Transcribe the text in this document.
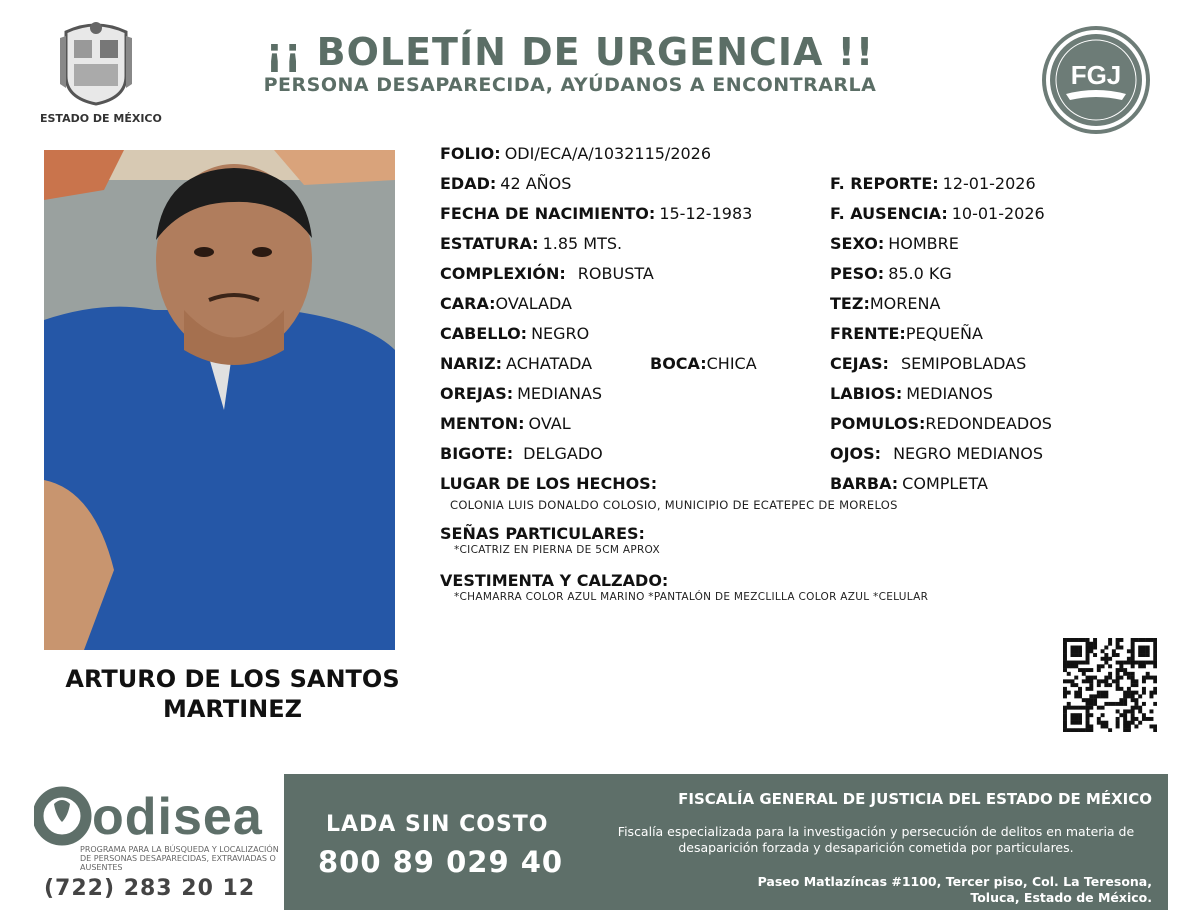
ESTADO DE MÉXICO
¡¡ BOLETÍN DE URGENCIA !!
PERSONA DESAPARECIDA, AYÚDANOS A ENCONTRARLA	FGJ
ARTURO DE LOS SANTOS MARTINEZ
FOLIO: ODI/ECA/A/1032115/2026
EDAD: 42 AÑOS	F. REPORTE: 12-01-2026
FECHA DE NACIMIENTO: 15-12-1983	F. AUSENCIA: 10-01-2026
ESTATURA: 1.85 MTS.	SEXO: HOMBRE
COMPLEXIÓN: ROBUSTA	PESO: 85.0 KG
CARA:OVALADA	TEZ:MORENA
CABELLO: NEGRO	FRENTE:PEQUEÑA
NARIZ: ACHATADA	BOCA:CHICA	CEJAS: SEMIPOBLADAS
OREJAS: MEDIANAS	LABIOS: MEDIANOS
MENTON: OVAL	POMULOS:REDONDEADOS
BIGOTE: DELGADO	OJOS: NEGRO MEDIANOS
LUGAR DE LOS HECHOS:	BARBA: COMPLETA
COLONIA LUIS DONALDO COLOSIO, MUNICIPIO DE ECATEPEC DE MORELOS
SEÑAS PARTICULARES:
*CICATRIZ EN PIERNA DE 5CM APROX
VESTIMENTA Y CALZADO:
*CHAMARRA COLOR AZUL MARINO *PANTALÓN DE MEZCLILLA COLOR AZUL *CELULAR
odisea
PROGRAMA PARA LA BÚSQUEDA Y LOCALIZACIÓN DE PERSONAS DESAPARECIDAS, EXTRAVIADAS O AUSENTES
(722) 283 20 12
LADA SIN COSTO
800 89 029 40
FISCALÍA GENERAL DE JUSTICIA DEL ESTADO DE MÉXICO
Fiscalía especializada para la investigación y persecución de delitos en materia de desaparición forzada y desaparición cometida por particulares.
Paseo Matlazíncas #1100, Tercer piso, Col. La Teresona,
Toluca, Estado de México.
